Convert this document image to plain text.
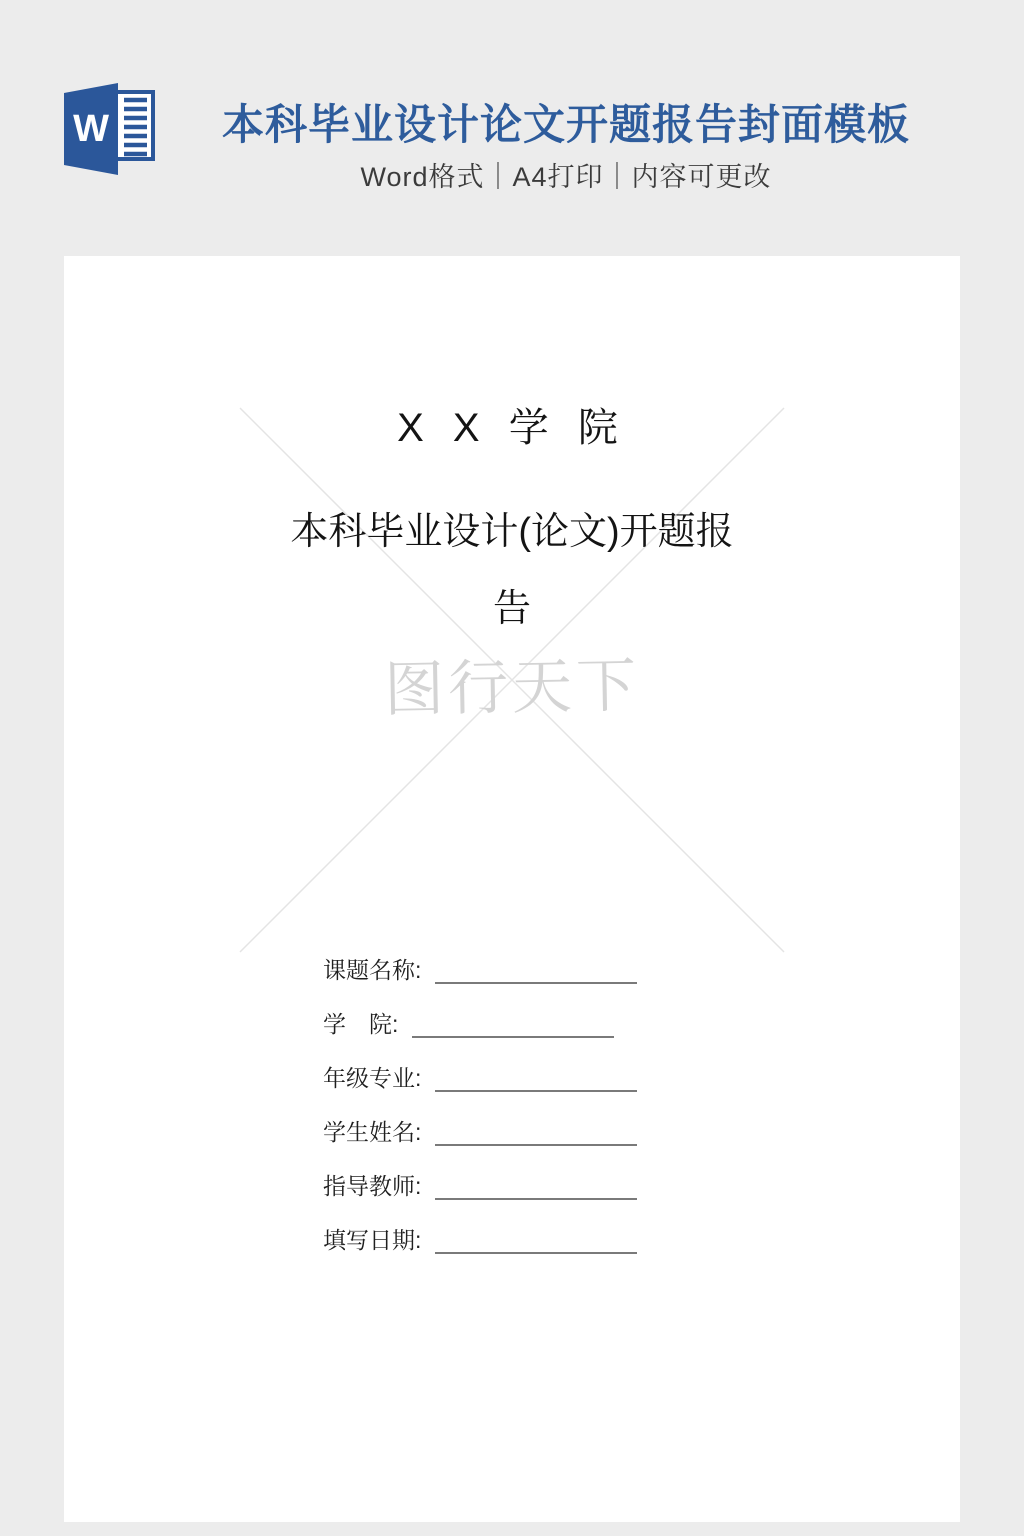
W	本科毕业设计论文开题报告封面模板
Word格式｜A4打印｜内容可更改
X X 学 院
本科毕业设计(论文)开题报
告
图行天下
课题名称:
学　院:
年级专业:
学生姓名:
指导教师:
填写日期:
